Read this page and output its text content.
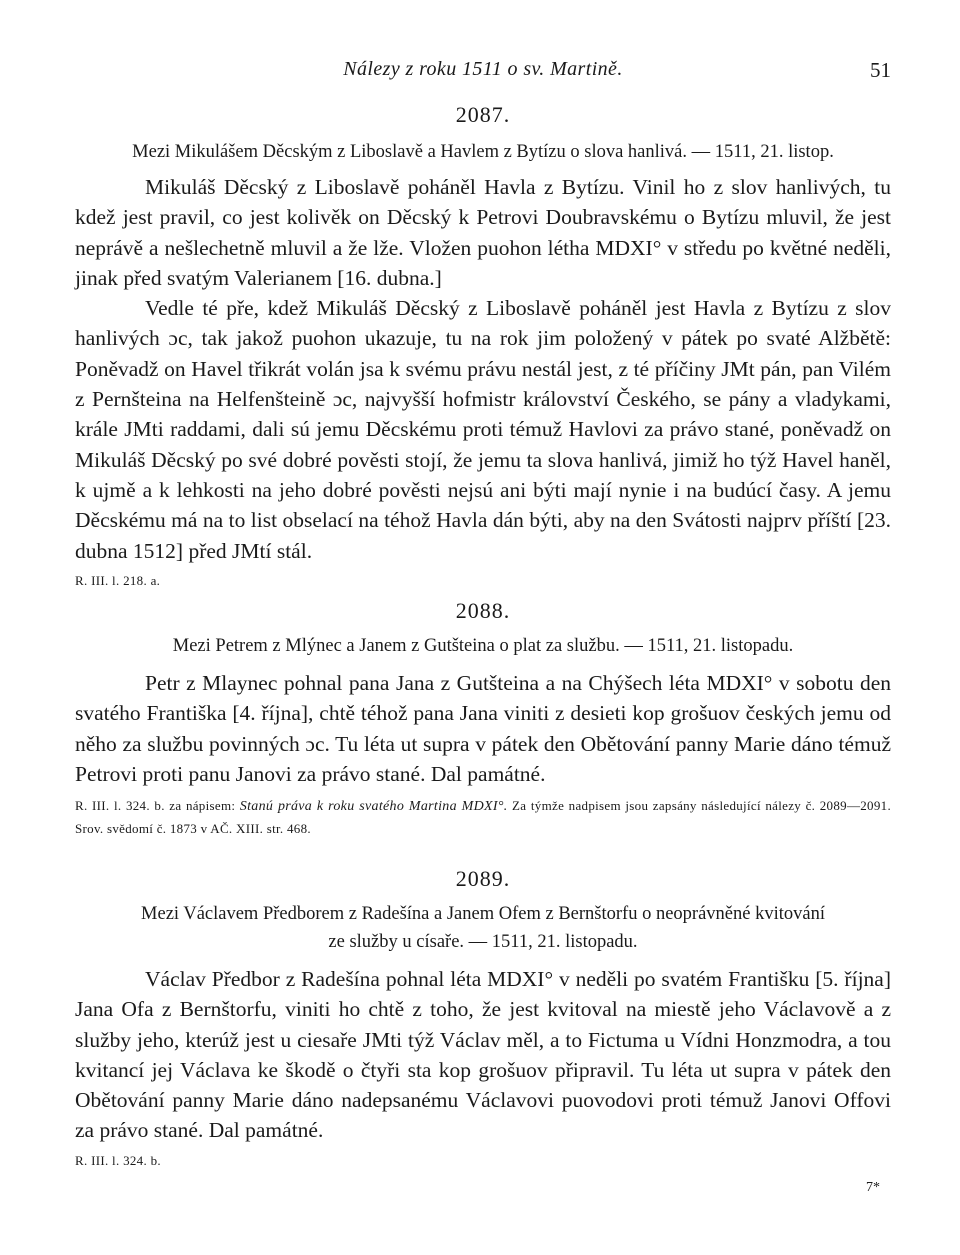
Nálezy z roku 1511 o sv. Martině.	51
2087.
Mezi Mikulášem Děcským z Liboslavě a Havlem z Bytízu o slova hanlivá. — 1511, 21. listop.

Mikuláš Děcský z Liboslavě poháněl Havla z Bytízu. Vinil ho z slov hanlivých, tu kdež jest pravil, co jest kolivěk on Děcský k Petrovi Doubravskému o Bytízu mluvil, že jest neprávě a nešlechetně mluvil a že lže. Vložen puohon létha MDXI° v středu po květné neděli, jinak před svatým Valerianem [16. dubna.]

Vedle té pře, kdež Mikuláš Děcský z Liboslavě poháněl jest Havla z Bytízu z slov hanlivých ɔc, tak jakož puohon ukazuje, tu na rok jim položený v pátek po svaté Alžbětě: Poněvadž on Havel třikrát volán jsa k svému právu nestál jest, z té příčiny JMt pán, pan Vilém z Pernšteina na Helfenšteině ɔc, najvyšší hofmistr království Českého, se pány a vladykami, krále JMti raddami, dali sú jemu Děcskému proti témuž Havlovi za právo stané, poněvadž on Mikuláš Děcský po své dobré pověsti stojí, že jemu ta slova hanlivá, jimiž ho týž Havel haněl, k ujmě a k lehkosti na jeho dobré pověsti nejsú ani býti mají nynie i na budúcí časy. A jemu Děcskému má na to list obselací na téhož Havla dán býti, aby na den Svátosti najprv příští [23. dubna 1512] před JMtí stál.

R. III. l. 218. a.
2088.
Mezi Petrem z Mlýnec a Janem z Gutšteina o plat za službu. — 1511, 21. listopadu.

Petr z Mlaynec pohnal pana Jana z Gutšteina a na Chýšech léta MDXI° v sobotu den svatého Františka [4. října], chtě téhož pana Jana viniti z desieti kop grošuov českých jemu od něho za službu povinných ɔc. Tu léta ut supra v pátek den Obětování panny Marie dáno témuž Petrovi proti panu Janovi za právo stané. Dal památné.

R. III. l. 324. b. za nápisem: Stanú práva k roku svatého Martina MDXI°. Za týmže nadpisem jsou zapsány následující nálezy č. 2089—2091. Srov. svědomí č. 1873 v AČ. XIII. str. 468.
2089.
Mezi Václavem Předborem z Radešína a Janem Ofem z Bernštorfu o neoprávněné kvitování
ze služby u císaře. — 1511, 21. listopadu.

Václav Předbor z Radešína pohnal léta MDXI° v neděli po svatém Františku [5. října] Jana Ofa z Bernštorfu, viniti ho chtě z toho, že jest kvitoval na miestě jeho Václavově a z služby jeho, kterúž jest u ciesaře JMti týž Václav měl, a to Fictuma u Vídni Honzmodra, a tou kvitancí jej Václava ke škodě o čtyři sta kop grošuov připravil. Tu léta ut supra v pátek den Obětování panny Marie dáno nadepsanému Václavovi puovodovi proti témuž Janovi Offovi za právo stané. Dal památné.

R. III. l. 324. b.
7*
